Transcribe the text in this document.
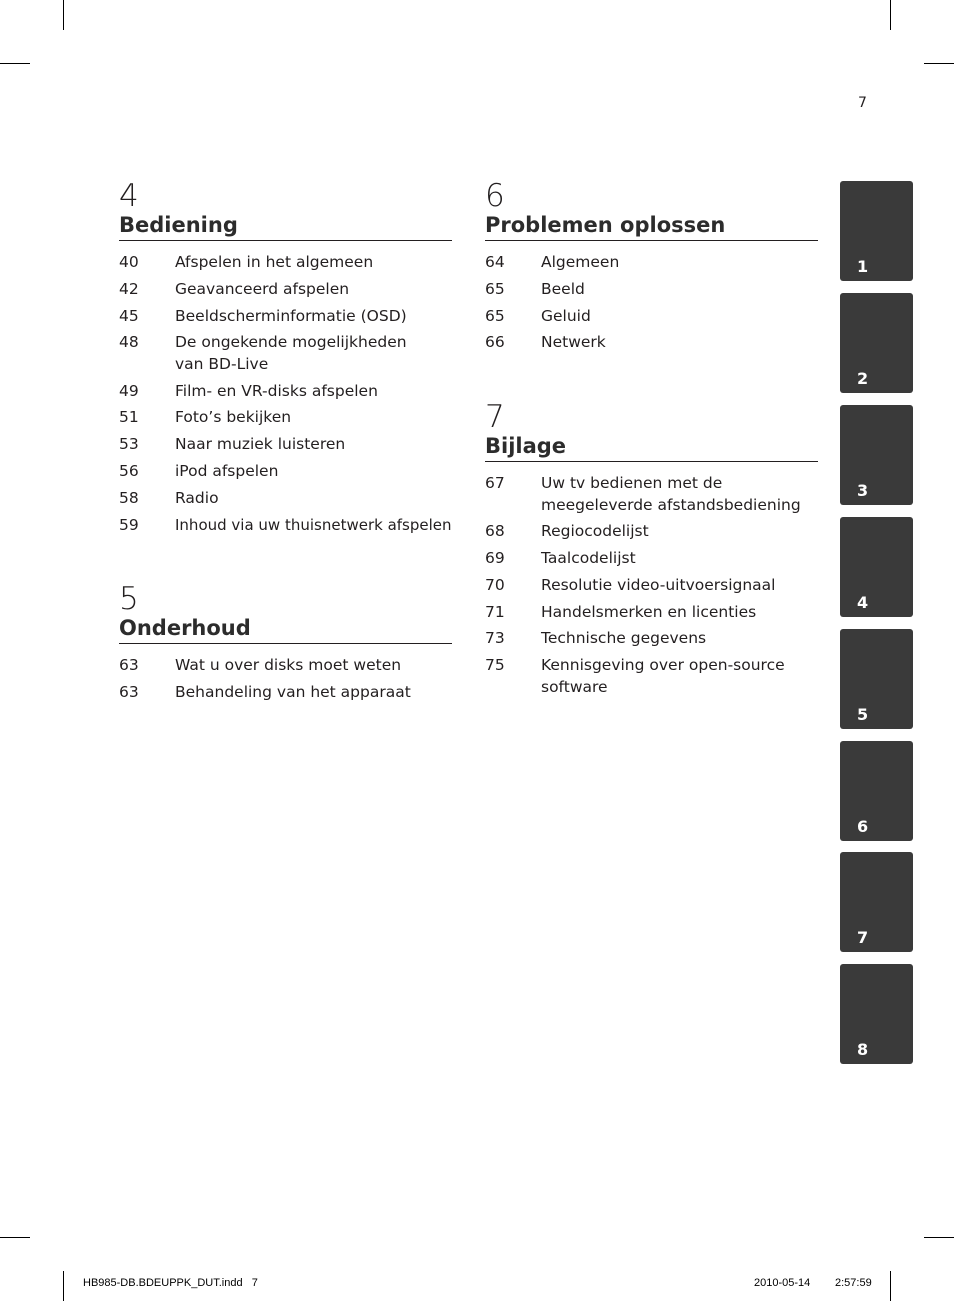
7
4
Bediening
40	Afspelen in het algemeen
42	Geavanceerd afspelen
45	Beeldscherminformatie (OSD)
48	De ongekende mogelijkheden van BD-Live
49	Film- en VR-disks afspelen
51	Foto’s bekijken
53	Naar muziek luisteren
56	iPod afspelen
58	Radio
59	Inhoud via uw thuisnetwerk afspelen
5
Onderhoud
63	Wat u over disks moet weten
63	Behandeling van het apparaat
6
Problemen oplossen
64	Algemeen
65	Beeld
65	Geluid
66	Netwerk
7
Bijlage
67	Uw tv bedienen met de meegeleverde afstandsbediening
68	Regiocodelijst
69	Taalcodelijst
70	Resolutie video-uitvoersignaal
71	Handelsmerken en licenties
73	Technische gegevens
75	Kennisgeving over open-source software
1
2
3
4
5
6
7
8
HB985-DB.BDEUPPK_DUT.indd   7	2010-05-14 2:57:59
